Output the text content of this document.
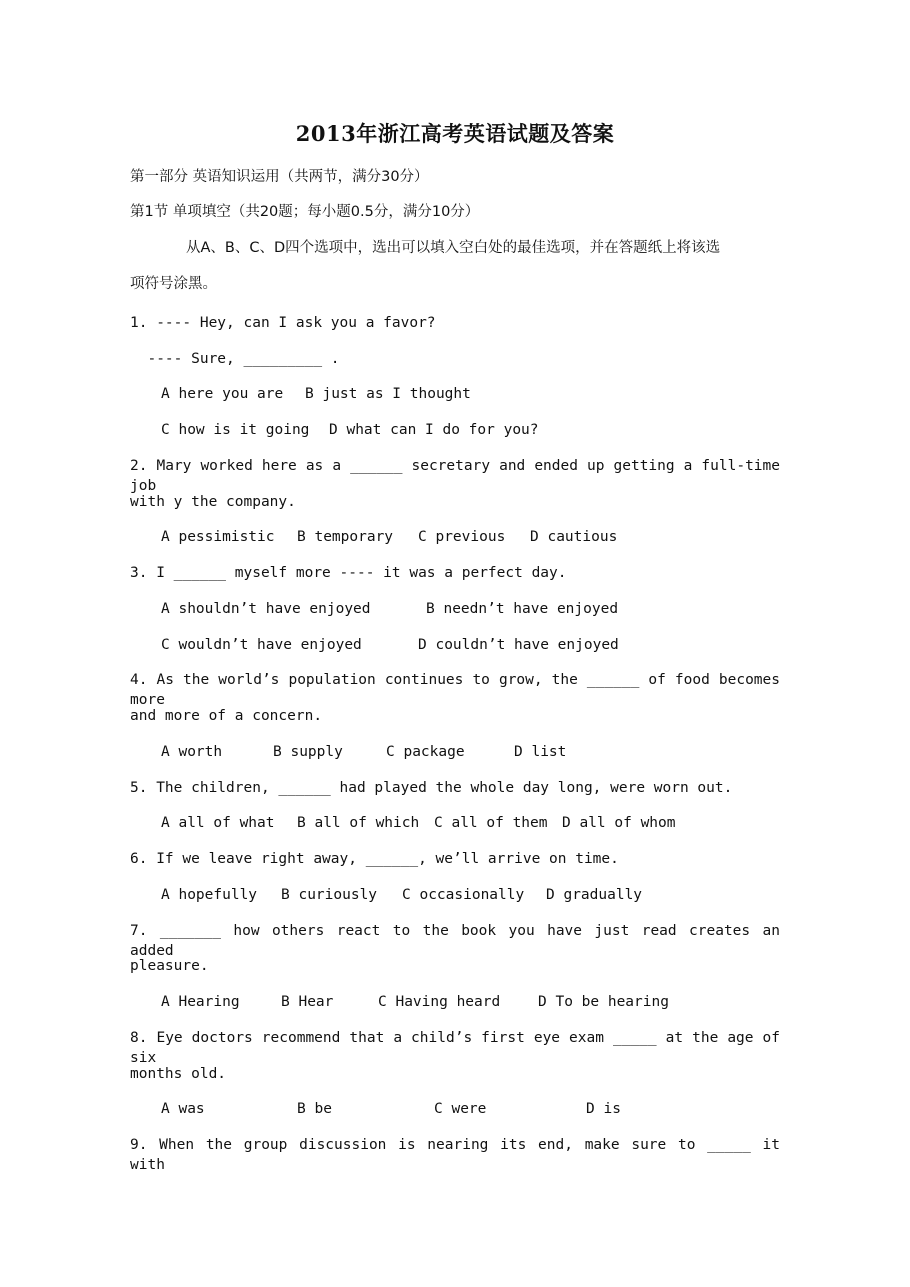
2013年浙江高考英语试题及答案
第一部分 英语知识运用（共两节，满分30分）
第1节 单项填空（共20题；每小题0.5分，满分10分）
从A、B、C、D四个选项中，选出可以填入空白处的最佳选项，并在答题纸上将该选
项符号涂黑。
1. ---- Hey, can I ask you a favor?
---- Sure, _________ .
A here you are B just as I thought
C how is it going D what can I do for you?
2. Mary worked here as a ______ secretary and ended up getting a full-time job
with y the company.
A pessimistic B temporary C previous D cautious
3. I ______ myself more ---- it was a perfect day.
A shouldn’t have enjoyed	B needn’t have enjoyed
C wouldn’t have enjoyed	D couldn’t have enjoyed
4. As the world’s population continues to grow, the ______ of food becomes more
and more of a concern.
A worth	B supply	C package	D list
5. The children, ______ had played the whole day long, were worn out.
A all of what B all of which C all of them D all of whom
6. If we leave right away, ______, we’ll arrive on time.
A hopefully B curiously C occasionally D gradually
7. _______ how others react to the book you have just read creates an added
pleasure.
A Hearing	B Hear	C Having heard	D To be hearing
8. Eye doctors recommend that a child’s first eye exam _____ at the age of six
months old.
A was	B be	C were	D is
9. When the group discussion is nearing its end, make sure to _____ it with
